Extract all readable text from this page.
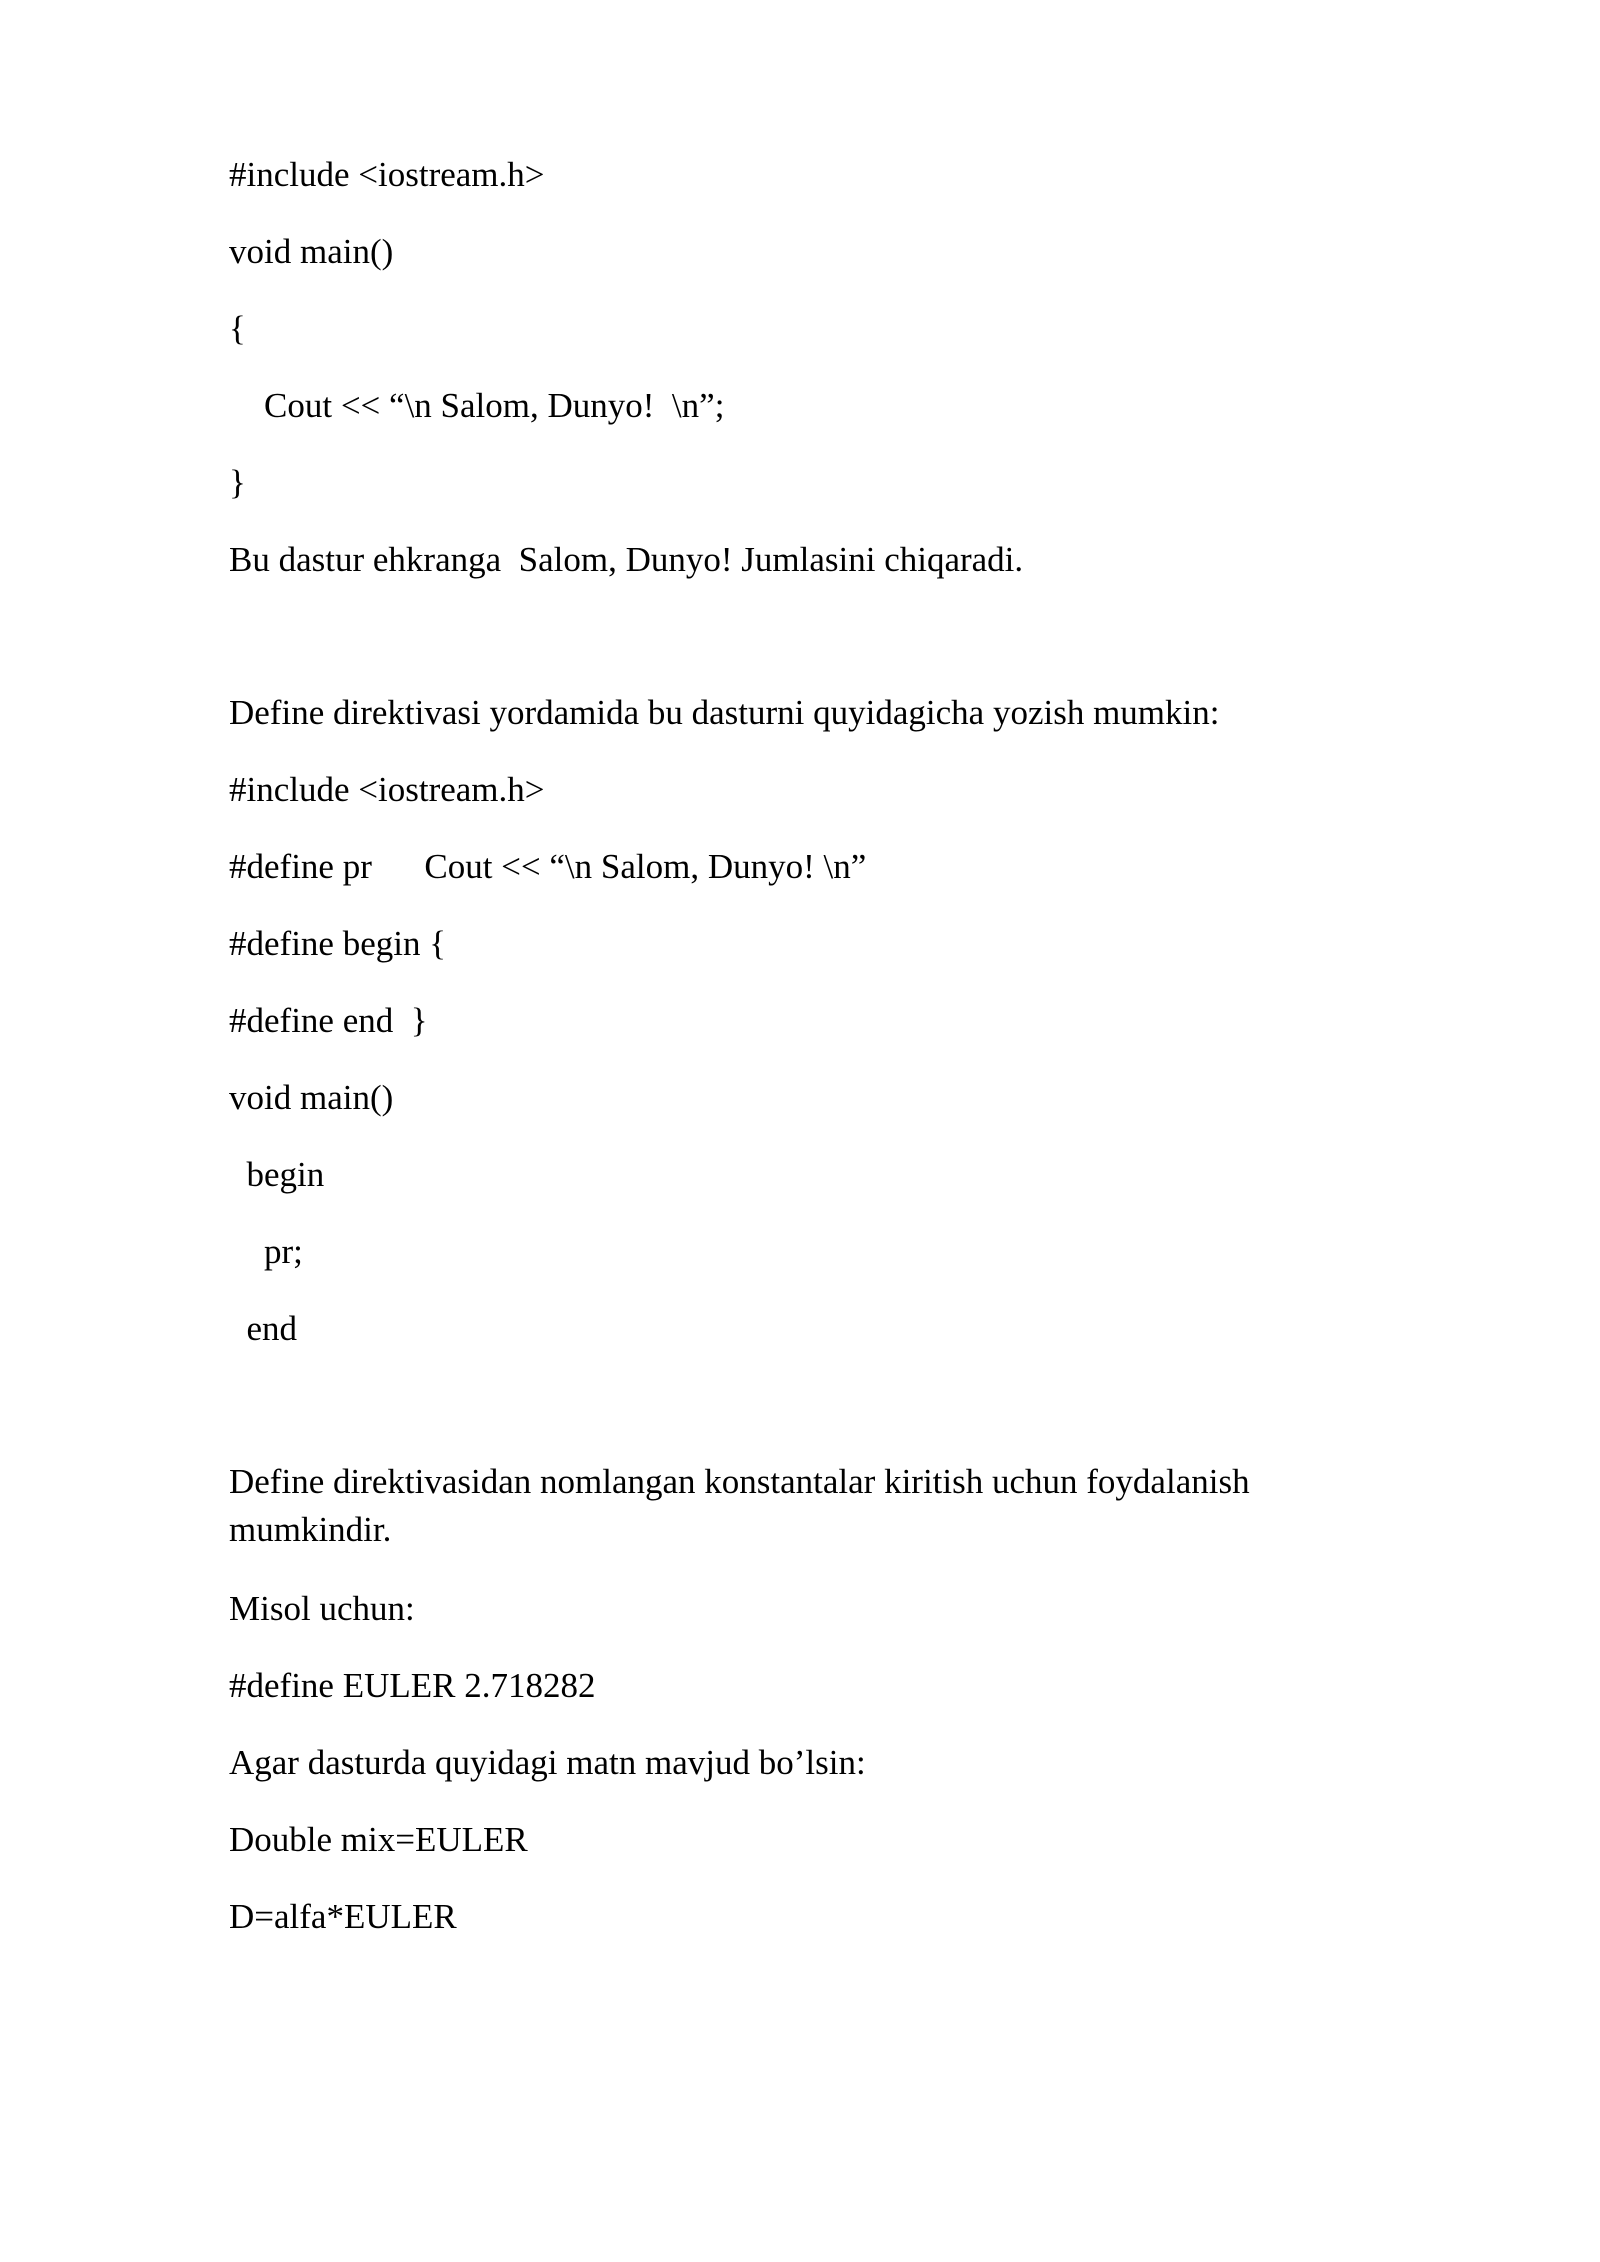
#include <iostream.h>

void main()

{

Cout << “\n Salom, Dunyo!  \n”;

}

Bu dastur ehkranga  Salom, Dunyo! Jumlasini chiqaradi.

Define direktivasi yordamida bu dasturni quyidagicha yozish mumkin:

#include <iostream.h>

#define pr      Cout << “\n Salom, Dunyo! \n”

#define begin {

#define end  }

void main()

begin

pr;

end

Define direktivasidan nomlangan konstantalar kiritish uchun foydalanish mumkindir.

Misol uchun:

#define EULER 2.718282

Agar dasturda quyidagi matn mavjud bo’lsin:

Double mix=EULER

D=alfa*EULER
